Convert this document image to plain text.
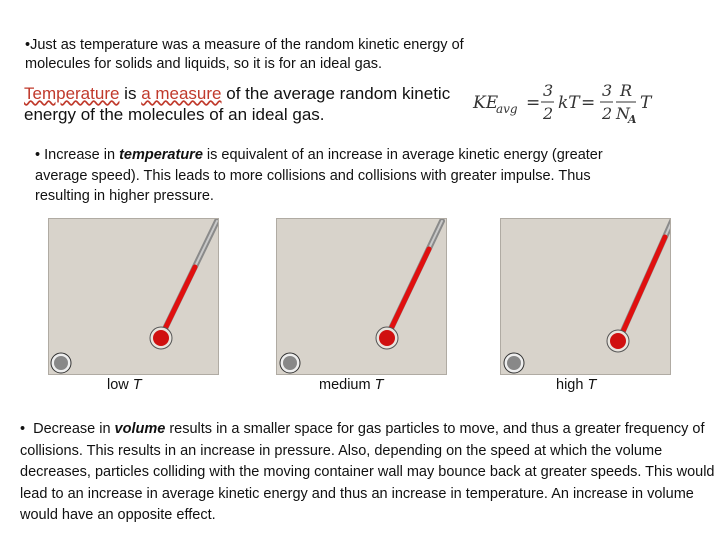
•Just as temperature was a measure of the random kinetic energy of molecules for solids and liquids, so it is for an ideal gas.
Temperature is a measure of the average random kinetic energy of the molecules of an ideal gas.
KE
avg =
3
2
kT =
3
2
R
N
A
T
• Increase in temperature is equivalent of an increase in average kinetic energy (greater average speed). This leads to more collisions and collisions with greater impulse. Thus resulting in higher pressure.
low T	medium T	high T
• Decrease in volume results in a smaller space for gas particles to move, and thus a greater frequency of collisions. This results in an increase in pressure. Also, depending on the speed at which the volume decreases, particles colliding with the moving container wall may bounce back at greater speeds. This would lead to an increase in average kinetic energy and thus an increase in temperature. An increase in volume would have an opposite effect.
